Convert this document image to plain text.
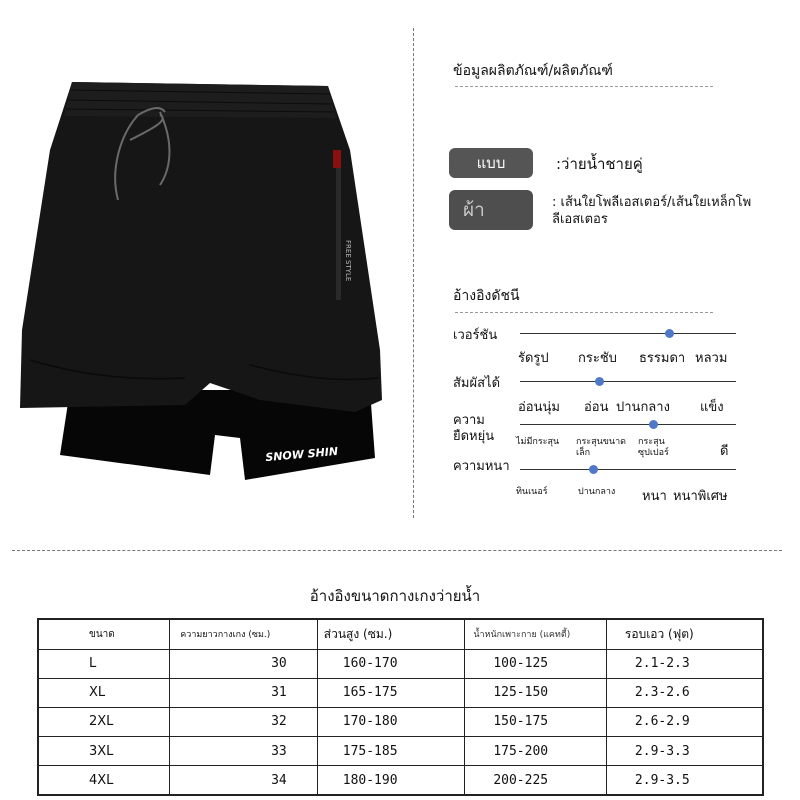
FREE STYLE
SNOW SHIN
ข้อมูลผลิตภัณฑ์/ผลิตภัณฑ์
แบบ	:ว่ายน้ำชายคู่
ผ้า	: เส้นใยโพลีเอสเตอร์/เส้นใยเหล็กโพลีเอสเตอร
อ้างอิงดัชนี
เวอร์ชัน
รัดรูป กระชับ ธรรมดา หลวม
สัมผัสได้
อ่อนนุ่ม อ่อน ปานกลาง แข็ง
ความยืดหยุ่น	ไม่มีกระสุน	กระสุนขนาดเล็ก
กระสุนซุปเปอร์	ดี
ความหนา
ทินเนอร์	ปานกลาง หนา หนาพิเศษ
อ้างอิงขนาดกางเกงว่ายน้ำ
ขนาด	ความยาวกางเกง (ซม.)	ส่วนสูง (ซม.)	น้ำหนักเพาะกาย (แคทตี้)	รอบเอว (ฟุต)
L	30	160-170	100-125	2.1-2.3
XL	31	165-175	125-150	2.3-2.6
2XL	32	170-180	150-175	2.6-2.9
3XL	33	175-185	175-200	2.9-3.3
4XL	34	180-190	200-225	2.9-3.5
